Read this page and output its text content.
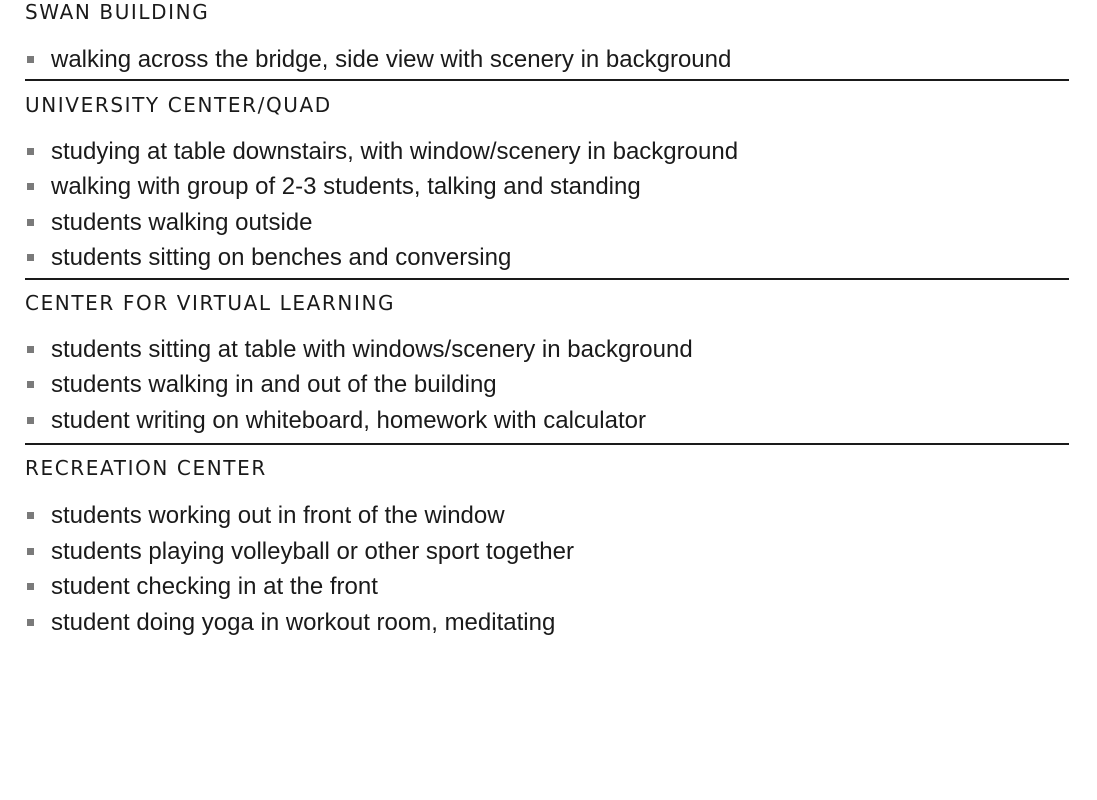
SWAN BUILDING
walking across the bridge, side view with scenery in background
UNIVERSITY CENTER/QUAD
studying at table downstairs, with window/scenery in background
walking with group of 2-3 students, talking and standing
students walking outside
students sitting on benches and conversing
CENTER FOR VIRTUAL LEARNING
students sitting at table with windows/scenery in background
students walking in and out of the building
student writing on whiteboard, homework with calculator
RECREATION CENTER
students working out in front of the window
students playing volleyball or other sport together
student checking in at the front
student doing yoga in workout room, meditating
